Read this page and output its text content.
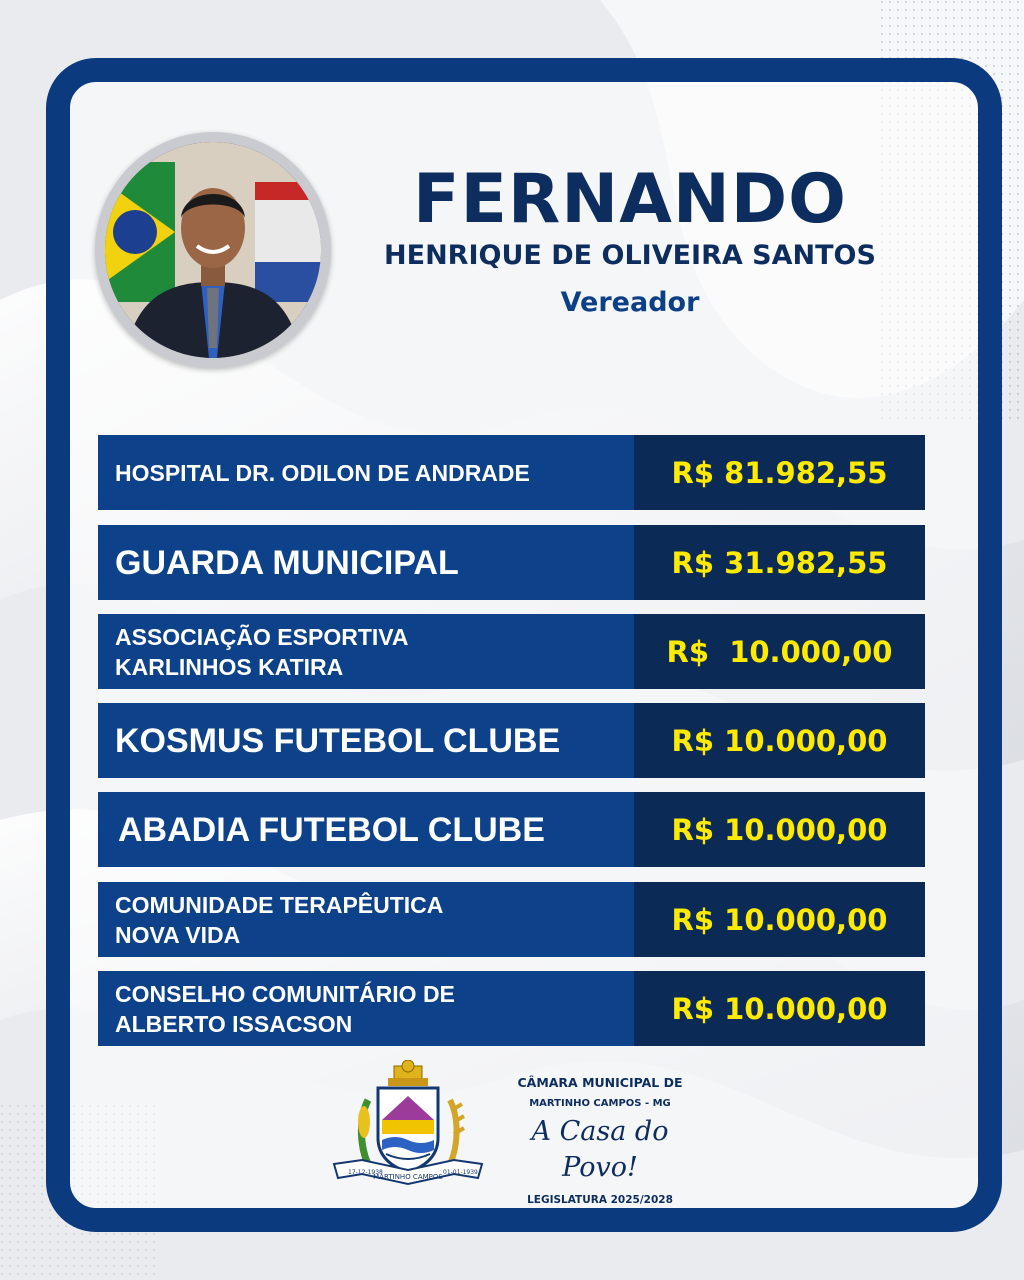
FERNANDO
HENRIQUE DE OLIVEIRA SANTOS
Vereador
HOSPITAL DR. ODILON DE ANDRADE	R$ 81.982,55
GUARDA MUNICIPAL	R$ 31.982,55
ASSOCIAÇÃO ESPORTIVA KARLINHOS KATIRA	R$  10.000,00
KOSMUS FUTEBOL CLUBE	R$ 10.000,00
ABADIA FUTEBOL CLUBE	R$ 10.000,00
COMUNIDADE TERAPÊUTICA NOVA VIDA	R$ 10.000,00
CONSELHO COMUNITÁRIO DE ALBERTO ISSACSON	R$ 10.000,00
17-12-1938
MARTINHO CAMPOS
01-01-1939
CÂMARA MUNICIPAL DE
MARTINHO CAMPOS - MG
A Casa do Povo!
LEGISLATURA 2025/2028
